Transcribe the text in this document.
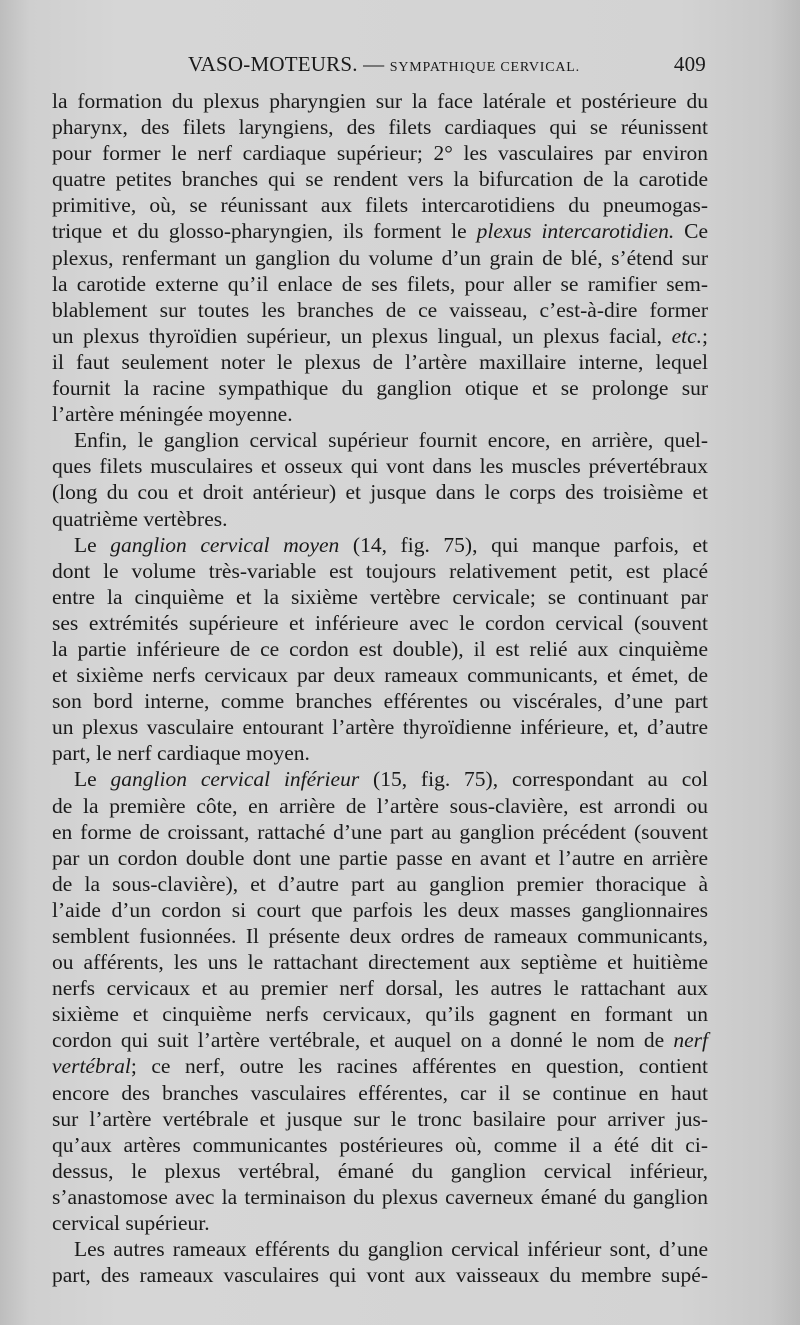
VASO-MOTEURS. — SYMPATHIQUE CERVICAL.	409

la formation du plexus pharyngien sur la face latérale et postérieure du

pharynx, des filets laryngiens, des filets cardiaques qui se réunissent

pour former le nerf cardiaque supérieur; 2° les vasculaires par environ

quatre petites branches qui se rendent vers la bifurcation de la carotide

primitive, où, se réunissant aux filets intercarotidiens du pneumogas-

trique et du glosso-pharyngien, ils forment le plexus intercarotidien. Ce

plexus, renfermant un ganglion du volume d’un grain de blé, s’étend sur

la carotide externe qu’il enlace de ses filets, pour aller se ramifier sem-

blablement sur toutes les branches de ce vaisseau, c’est-à-dire former

un plexus thyroïdien supérieur, un plexus lingual, un plexus facial, etc.;

il faut seulement noter le plexus de l’artère maxillaire interne, lequel

fournit la racine sympathique du ganglion otique et se prolonge sur

l’artère méningée moyenne.

Enfin, le ganglion cervical supérieur fournit encore, en arrière, quel-

ques filets musculaires et osseux qui vont dans les muscles prévertébraux

(long du cou et droit antérieur) et jusque dans le corps des troisième et

quatrième vertèbres.

Le ganglion cervical moyen (14, fig. 75), qui manque parfois, et

dont le volume très-variable est toujours relativement petit, est placé

entre la cinquième et la sixième vertèbre cervicale; se continuant par

ses extrémités supérieure et inférieure avec le cordon cervical (souvent

la partie inférieure de ce cordon est double), il est relié aux cinquième

et sixième nerfs cervicaux par deux rameaux communicants, et émet, de

son bord interne, comme branches efférentes ou viscérales, d’une part

un plexus vasculaire entourant l’artère thyroïdienne inférieure, et, d’autre

part, le nerf cardiaque moyen.

Le ganglion cervical inférieur (15, fig. 75), correspondant au col

de la première côte, en arrière de l’artère sous-clavière, est arrondi ou

en forme de croissant, rattaché d’une part au ganglion précédent (souvent

par un cordon double dont une partie passe en avant et l’autre en arrière

de la sous-clavière), et d’autre part au ganglion premier thoracique à

l’aide d’un cordon si court que parfois les deux masses ganglionnaires

semblent fusionnées. Il présente deux ordres de rameaux communicants,

ou afférents, les uns le rattachant directement aux septième et huitième

nerfs cervicaux et au premier nerf dorsal, les autres le rattachant aux

sixième et cinquième nerfs cervicaux, qu’ils gagnent en formant un

cordon qui suit l’artère vertébrale, et auquel on a donné le nom de nerf

vertébral; ce nerf, outre les racines afférentes en question, contient

encore des branches vasculaires efférentes, car il se continue en haut

sur l’artère vertébrale et jusque sur le tronc basilaire pour arriver jus-

qu’aux artères communicantes postérieures où, comme il a été dit ci-

dessus, le plexus vertébral, émané du ganglion cervical inférieur,

s’anastomose avec la terminaison du plexus caverneux émané du ganglion

cervical supérieur.

Les autres rameaux efférents du ganglion cervical inférieur sont, d’une

part, des rameaux vasculaires qui vont aux vaisseaux du membre supé-
